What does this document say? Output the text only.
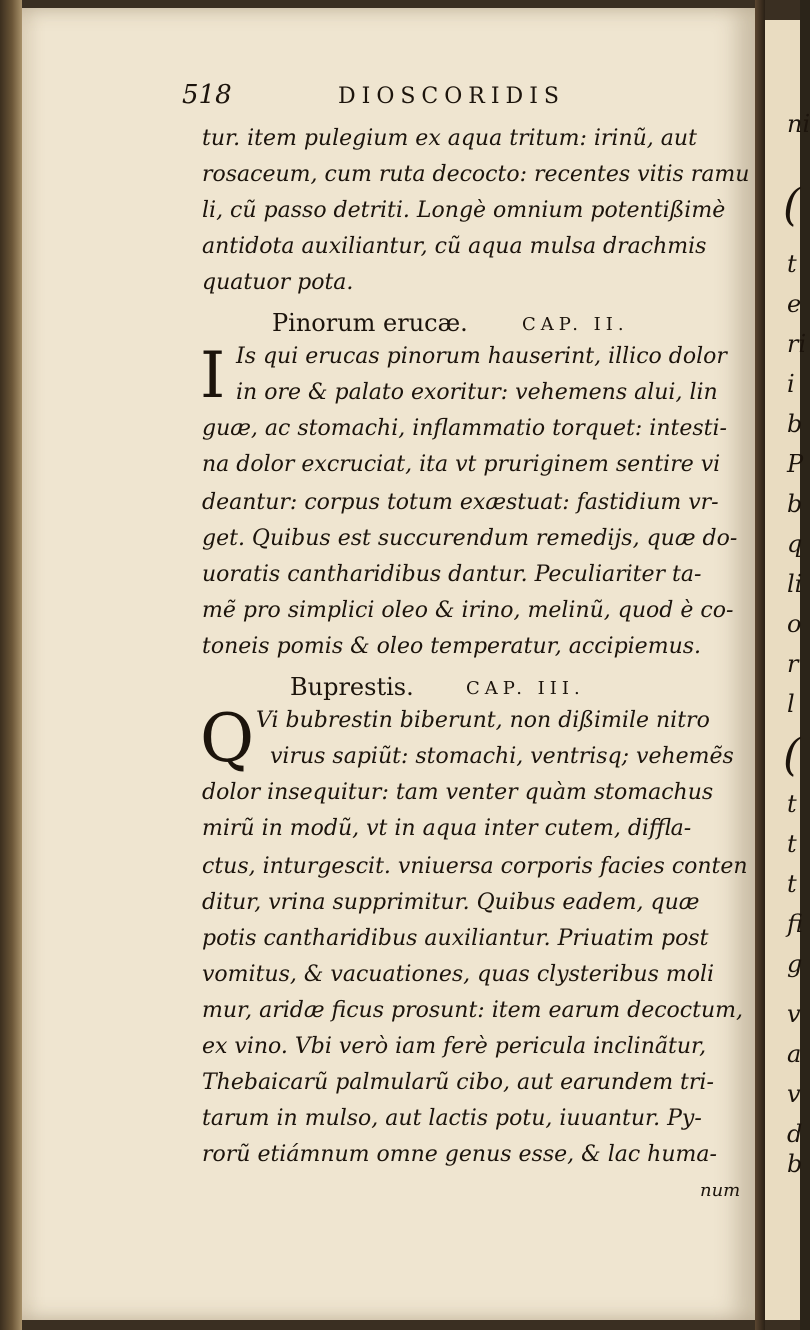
ni
(
t
e
ri
i
b
P
b
q
li
o
r
l
(
t
t
t
fi
g
v
a
v
d
b
518	DIOSCORIDIS
tur. item pulegium ex aqua tritum: irinũ, aut
rosaceum, cum ruta decocto: recentes vitis ramu
li, cũ passo detriti. Longè omnium potentißimè
antidota auxiliantur, cũ aqua mulsa drachmis
quatuor pota.
Pinorum erucæ.	CAP. II.
I Is qui erucas pinorum hauserint, illico dolor
in ore & palato exoritur: vehemens alui, lin
guæ, ac stomachi, inflammatio torquet: intesti-
na dolor excruciat, ita vt pruriginem sentire vi
deantur: corpus totum exæstuat: fastidium vr-
get. Quibus est succurendum remedijs, quæ do-
uoratis cantharidibus dantur. Peculiariter ta-
mẽ pro simplici oleo & irino, melinũ, quod è co-
toneis pomis & oleo temperatur, accipiemus.
Buprestis.	CAP. III.
Q Vi bubrestin biberunt, non dißimile nitro
virus sapiũt: stomachi, ventrisq; vehemẽs
dolor insequitur: tam venter quàm stomachus
mirũ in modũ, vt in aqua inter cutem, diffla-
ctus, inturgescit. vniuersa corporis facies conten
ditur, vrina supprimitur. Quibus eadem, quæ
potis cantharidibus auxiliantur. Priuatim post
vomitus, & vacuationes, quas clysteribus moli
mur, aridæ ficus prosunt: item earum decoctum,
ex vino. Vbi verò iam ferè pericula inclinãtur,
Thebaicarũ palmularũ cibo, aut earundem tri-
tarum in mulso, aut lactis potu, iuuantur. Py-
rorũ etiámnum omne genus esse, & lac huma-
num
